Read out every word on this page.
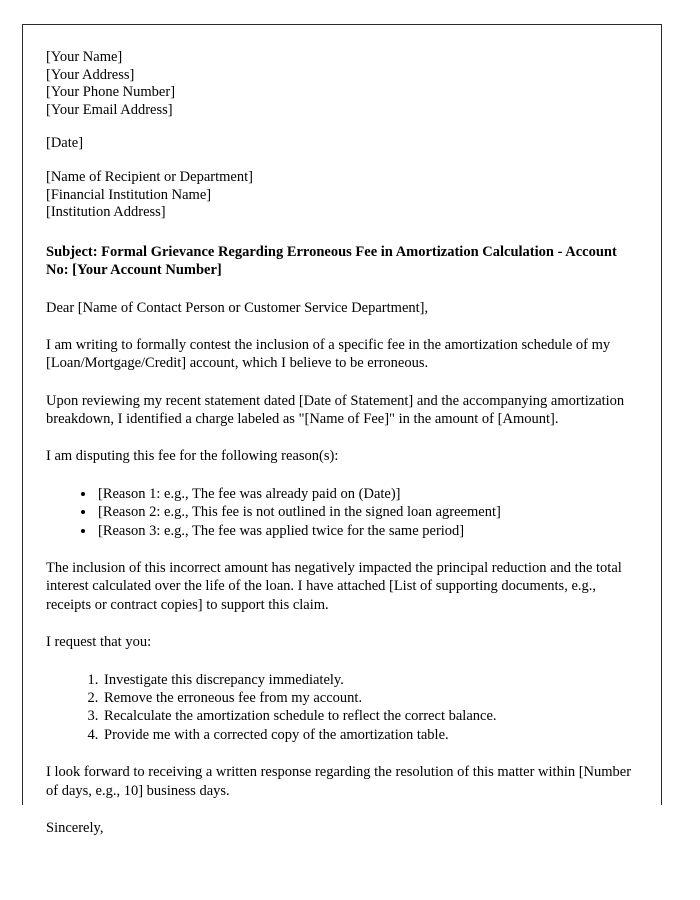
[Your Name]
[Your Address]
[Your Phone Number]
[Your Email Address]
[Date]
[Name of Recipient or Department]
[Financial Institution Name]
[Institution Address]
Subject: Formal Grievance Regarding Erroneous Fee in Amortization Calculation - Account No: [Your Account Number]
Dear [Name of Contact Person or Customer Service Department],

I am writing to formally contest the inclusion of a specific fee in the amortization schedule of my [Loan/Mortgage/Credit] account, which I believe to be erroneous.

Upon reviewing my recent statement dated [Date of Statement] and the accompanying amortization breakdown, I identified a charge labeled as "[Name of Fee]" in the amount of [Amount].

I am disputing this fee for the following reason(s):

• [Reason 1: e.g., The fee was already paid on (Date)]
• [Reason 2: e.g., This fee is not outlined in the signed loan agreement]
• [Reason 3: e.g., The fee was applied twice for the same period]

The inclusion of this incorrect amount has negatively impacted the principal reduction and the total interest calculated over the life of the loan. I have attached [List of supporting documents, e.g., receipts or contract copies] to support this claim.

I request that you:

1. Investigate this discrepancy immediately.
2. Remove the erroneous fee from my account.
3. Recalculate the amortization schedule to reflect the correct balance.
4. Provide me with a corrected copy of the amortization table.

I look forward to receiving a written response regarding the resolution of this matter within [Number of days, e.g., 10] business days.

Sincerely,
